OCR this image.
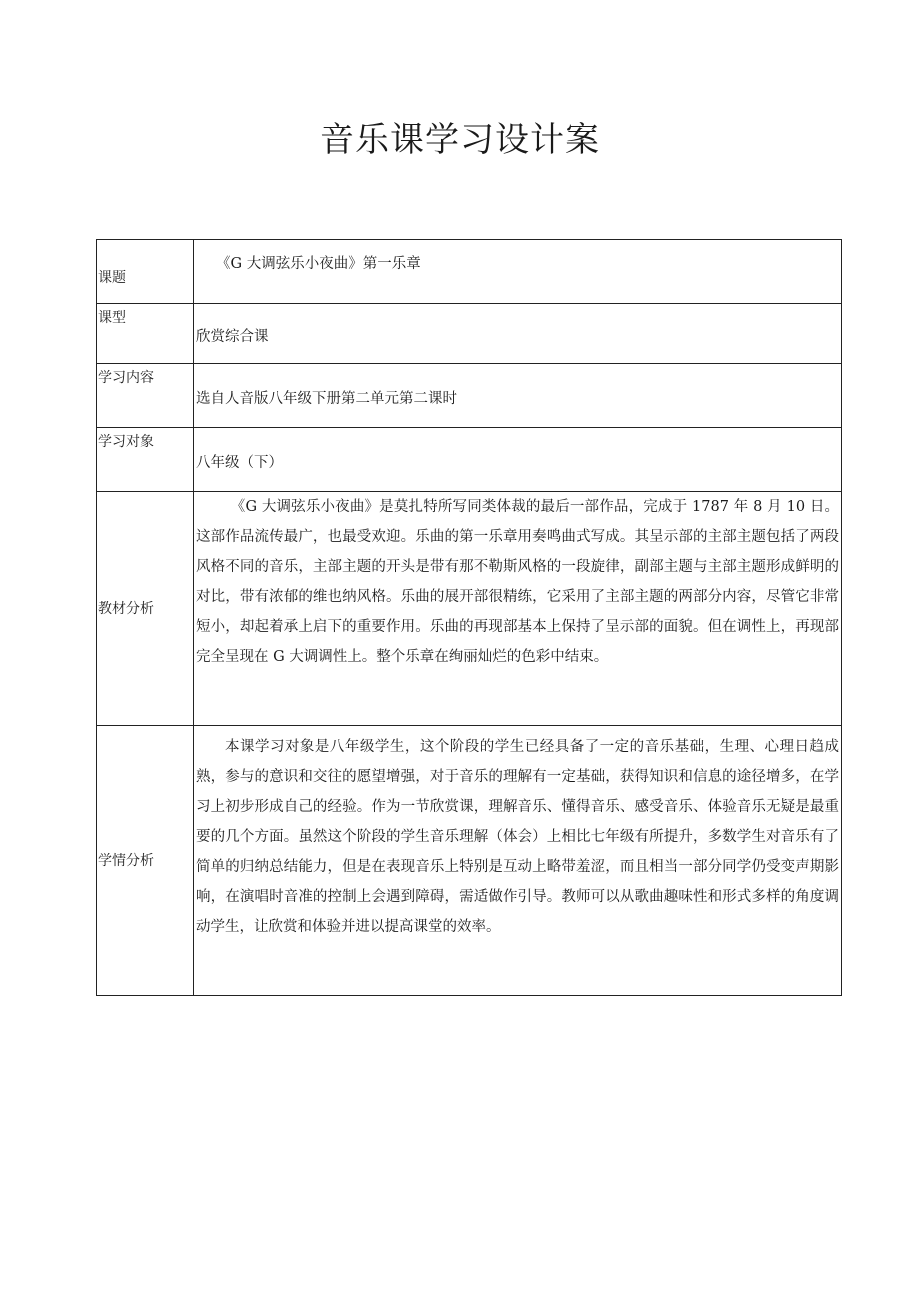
音乐课学习设计案
课题	《G 大调弦乐小夜曲》第一乐章

课型	欣赏综合课

学习内容	选自人音版八年级下册第二单元第二课时

学习对象	八年级（下）

教材分析	《G 大调弦乐小夜曲》是莫扎特所写同类体裁的最后一部作品，完成于 1787 年 8 月 10 日。这部作品流传最广，也最受欢迎。乐曲的第一乐章用奏鸣曲式写成。其呈示部的主部主题包括了两段风格不同的音乐，主部主题的开头是带有那不勒斯风格的一段旋律，副部主题与主部主题形成鲜明的对比，带有浓郁的维也纳风格。乐曲的展开部很精练，它采用了主部主题的两部分内容，尽管它非常短小，却起着承上启下的重要作用。乐曲的再现部基本上保持了呈示部的面貌。但在调性上，再现部完全呈现在 G 大调调性上。整个乐章在绚丽灿烂的色彩中结束。

学情分析	本课学习对象是八年级学生，这个阶段的学生已经具备了一定的音乐基础，生理、心理日趋成熟，参与的意识和交往的愿望增强，对于音乐的理解有一定基础，获得知识和信息的途径增多，在学习上初步形成自己的经验。作为一节欣赏课，理解音乐、懂得音乐、感受音乐、体验音乐无疑是最重要的几个方面。虽然这个阶段的学生音乐理解（体会）上相比七年级有所提升，多数学生对音乐有了简单的归纳总结能力，但是在表现音乐上特别是互动上略带羞涩，而且相当一部分同学仍受变声期影响，在演唱时音准的控制上会遇到障碍，需适做作引导。教师可以从歌曲趣味性和形式多样的角度调动学生，让欣赏和体验并进以提高课堂的效率。
